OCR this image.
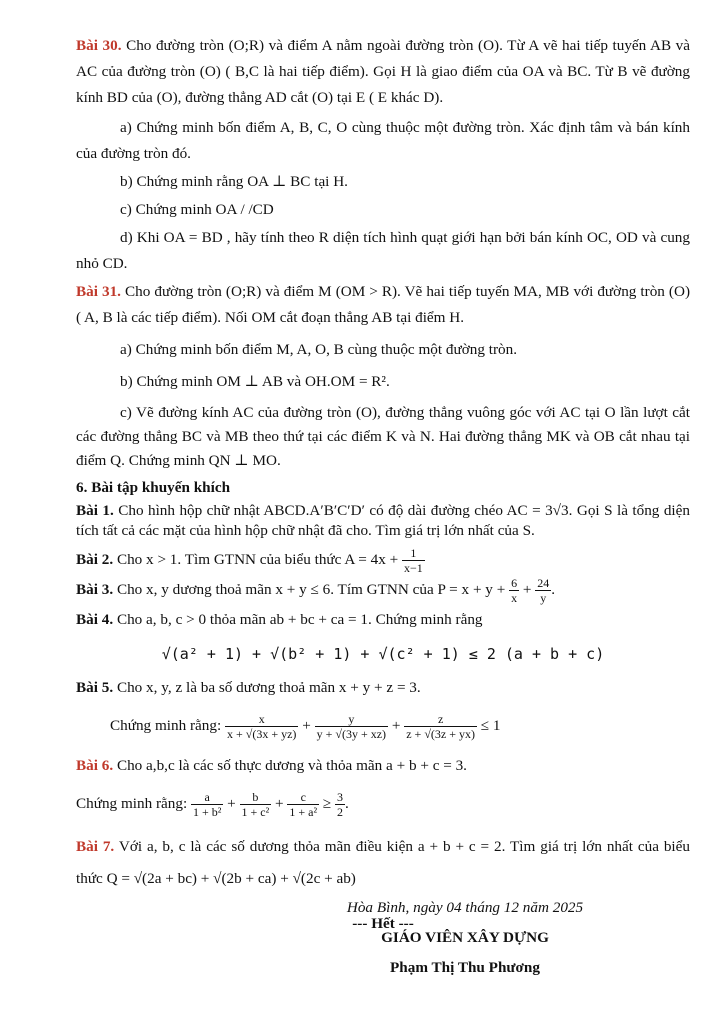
Bài 30. Cho đường tròn (O;R) và điểm A nằm ngoài đường tròn (O). Từ A vẽ hai tiếp tuyến AB và AC của đường tròn (O) ( B,C là hai tiếp điểm). Gọi H là giao điểm của OA và BC. Từ B vẽ đường kính BD của (O), đường thẳng AD cắt (O) tại E ( E khác D).

a) Chứng minh bốn điểm A, B, C, O cùng thuộc một đường tròn. Xác định tâm và bán kính của đường tròn đó.

b) Chứng minh rằng OA ⊥ BC tại H.

c) Chứng minh OA / /CD

d) Khi OA = BD , hãy tính theo R diện tích hình quạt giới hạn bởi bán kính OC, OD và cung nhỏ CD.

Bài 31. Cho đường tròn (O;R) và điểm M (OM > R). Vẽ hai tiếp tuyến MA, MB với đường tròn (O) ( A, B là các tiếp điểm). Nối OM cắt đoạn thẳng AB tại điểm H.

a) Chứng minh bốn điểm M, A, O, B cùng thuộc một đường tròn.

b) Chứng minh OM ⊥ AB và OH.OM = R².

c) Vẽ đường kính AC của đường tròn (O), đường thẳng vuông góc với AC tại O lần lượt cắt các đường thẳng BC và MB theo thứ tại các điểm K và N. Hai đường thẳng MK và OB cắt nhau tại điểm Q. Chứng minh QN ⊥ MO.

6. Bài tập khuyến khích

Bài 1. Cho hình hộp chữ nhật ABCD.A′B′C′D′ có độ dài đường chéo AC = 3√3. Gọi S là tổng diện tích tất cả các mặt của hình hộp chữ nhật đã cho. Tìm giá trị lớn nhất của S.

Bài 2. Cho x > 1. Tìm GTNN của biểu thức $A = 4x + \frac{1}{x-1}$

Bài 3. Cho x, y dương thoả mãn x + y ≤ 6. Tím GTNN của $P = x + y + \frac{6}{x} + \frac{24}{y}$ .

Bài 4. Cho a, b, c > 0 thỏa mãn ab + bc + ca = 1. Chứng minh rằng

√(a² + 1) + √(b² + 1) + √(c² + 1) ≤ 2 (a + b + c)

Bài 5. Cho x, y, z là ba số dương thoả mãn x + y + z = 3.

Chứng minh rằng: $\frac{x}{x + √(3x + yz)} + \frac{y}{y + √(3y + xz)} + \frac{z}{z + √(3z + yx)} \le 1$

Bài 6. Cho a,b,c là các số thực dương và thỏa mãn a + b + c = 3.

Chứng minh rằng: $\frac{a}{\text{1 + b²}} + \frac{b}{\text{1 + c²}} + \frac{c}{\text{1 + a²}} \ge \frac{3}{2}$ .

Bài 7. Với a, b, c là các số dương thỏa mãn điều kiện a + b + c = 2. Tìm giá trị lớn nhất của biểu thức Q = √(2a + bc) + √(2b + ca) + √(2c + ab)

--- Hết ---

Hòa Bình, ngày 04 tháng 12 năm 2025
GIÁO VIÊN XÂY DỰNG
Phạm Thị Thu Phương
